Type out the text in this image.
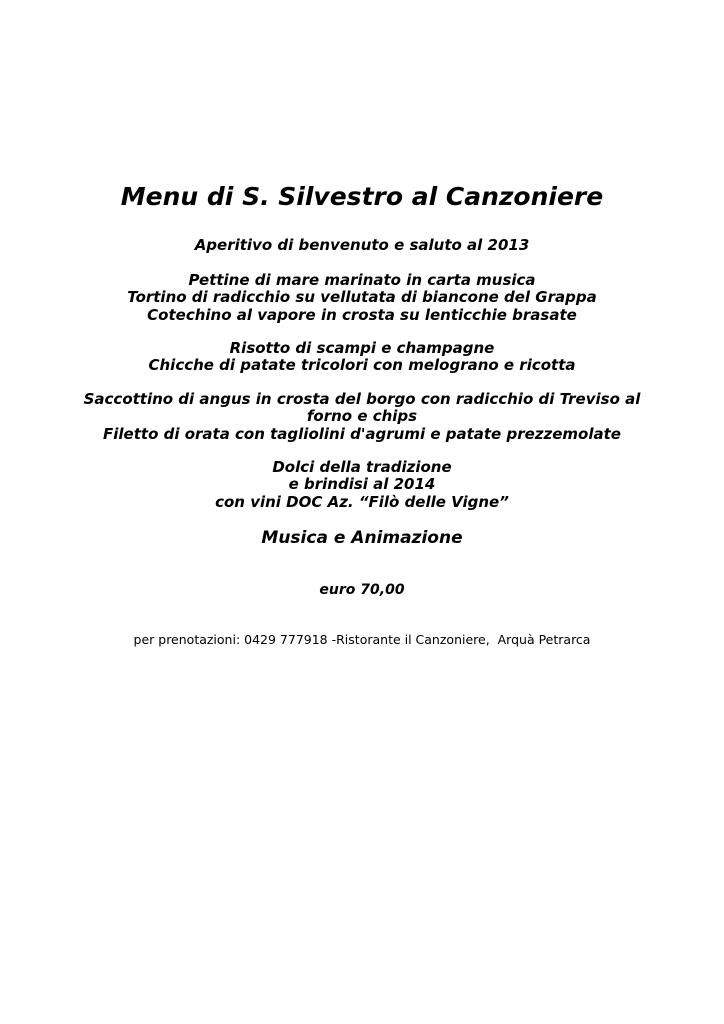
Menu di S. Silvestro al Canzoniere

Aperitivo di benvenuto e saluto al 2013

Pettine di mare marinato in carta musica
Tortino di radicchio su vellutata di biancone del Grappa
Cotechino al vapore in crosta su lenticchie brasate

Risotto di scampi e champagne
Chicche di patate tricolori con melograno e ricotta

Saccottino di angus in crosta del borgo con radicchio di Treviso al
forno e chips
Filetto di orata con tagliolini d'agrumi e patate prezzemolate

Dolci della tradizione
e brindisi al 2014
con vini DOC Az. “Filò delle Vigne”

Musica e Animazione

euro 70,00

per prenotazioni: 0429 777918 -Ristorante il Canzoniere,  Arquà Petrarca
